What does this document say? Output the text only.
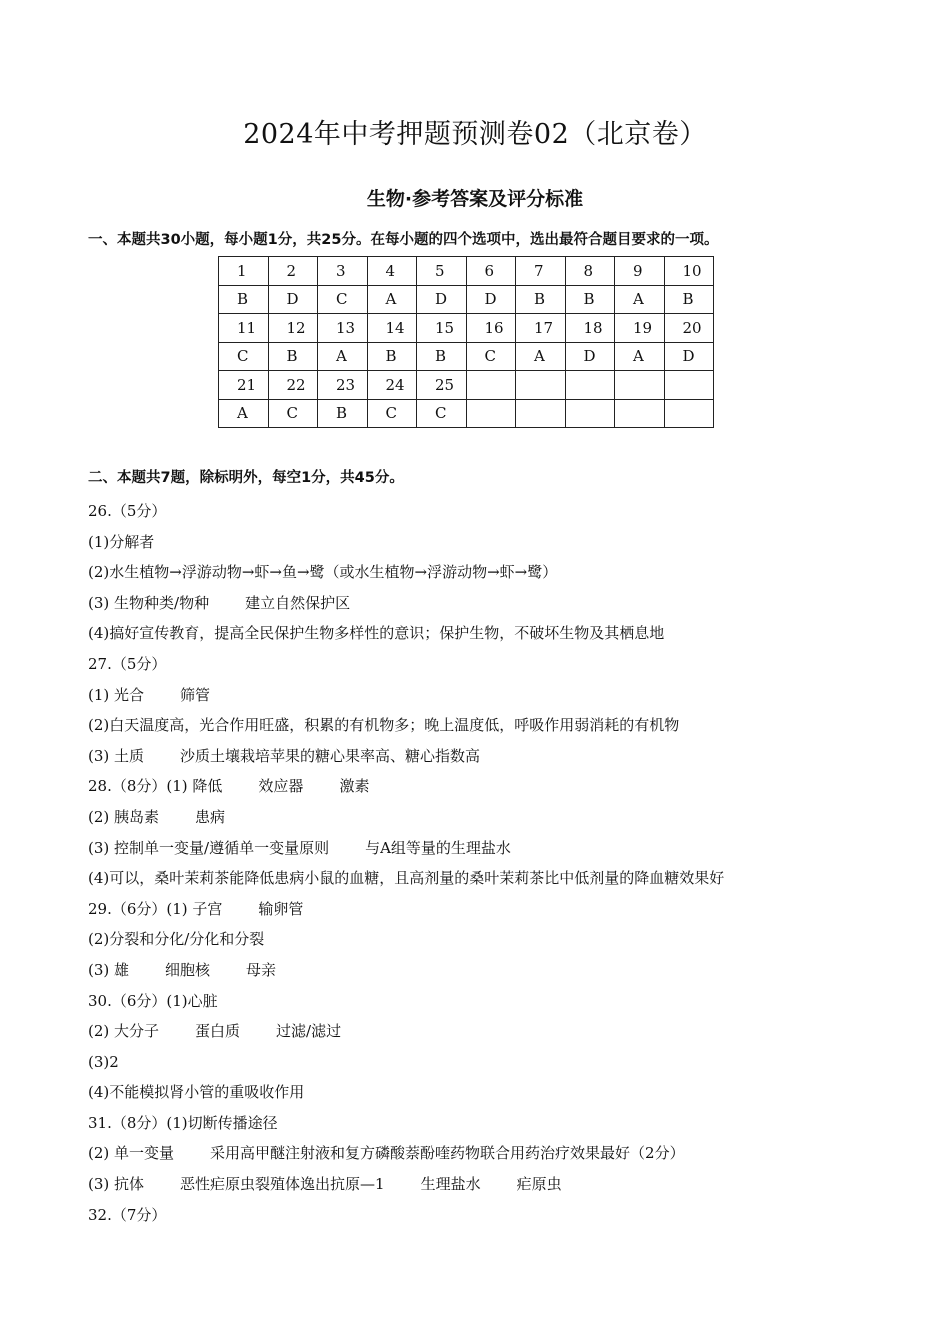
2024年中考押题预测卷02（北京卷）
生物·参考答案及评分标准
一、本题共30小题，每小题1分，共25分。在每小题的四个选项中，选出最符合题目要求的一项。
1	2	3	4	5	6	7	8	9	10
B	D	C	A	D	D	B	B	A	B
11	12	13	14	15	16	17	18	19	20
C	B	A	B	B	C	A	D	A	D
21	22	23	24	25					
A	C	B	C	C					
二、本题共7题，除标明外，每空1分，共45分。
26.（5分）
(1)分解者
(2)水生植物→浮游动物→虾→鱼→鹭（或水生植物→浮游动物→虾→鹭）
(3) 生物种类/物种 建立自然保护区
(4)搞好宣传教育，提高全民保护生物多样性的意识；保护生物，不破坏生物及其栖息地
27.（5分）
(1) 光合 筛管
(2)白天温度高，光合作用旺盛，积累的有机物多；晚上温度低，呼吸作用弱消耗的有机物
(3) 土质 沙质土壤栽培苹果的糖心果率高、糖心指数高
28.（8分）(1) 降低 效应器 激素
(2) 胰岛素 患病
(3) 控制单一变量/遵循单一变量原则 与A组等量的生理盐水
(4)可以，桑叶茉莉茶能降低患病小鼠的血糖，且高剂量的桑叶茉莉茶比中低剂量的降血糖效果好
29.（6分）(1) 子宫 输卵管
(2)分裂和分化/分化和分裂
(3) 雄 细胞核 母亲
30.（6分）(1)心脏
(2) 大分子 蛋白质 过滤/滤过
(3)2
(4)不能模拟肾小管的重吸收作用
31.（8分）(1)切断传播途径
(2) 单一变量 采用高甲醚注射液和复方磷酸萘酚喹药物联合用药治疗效果最好（2分）
(3) 抗体 恶性疟原虫裂殖体逸出抗原—1 生理盐水 疟原虫
32.（7分）
